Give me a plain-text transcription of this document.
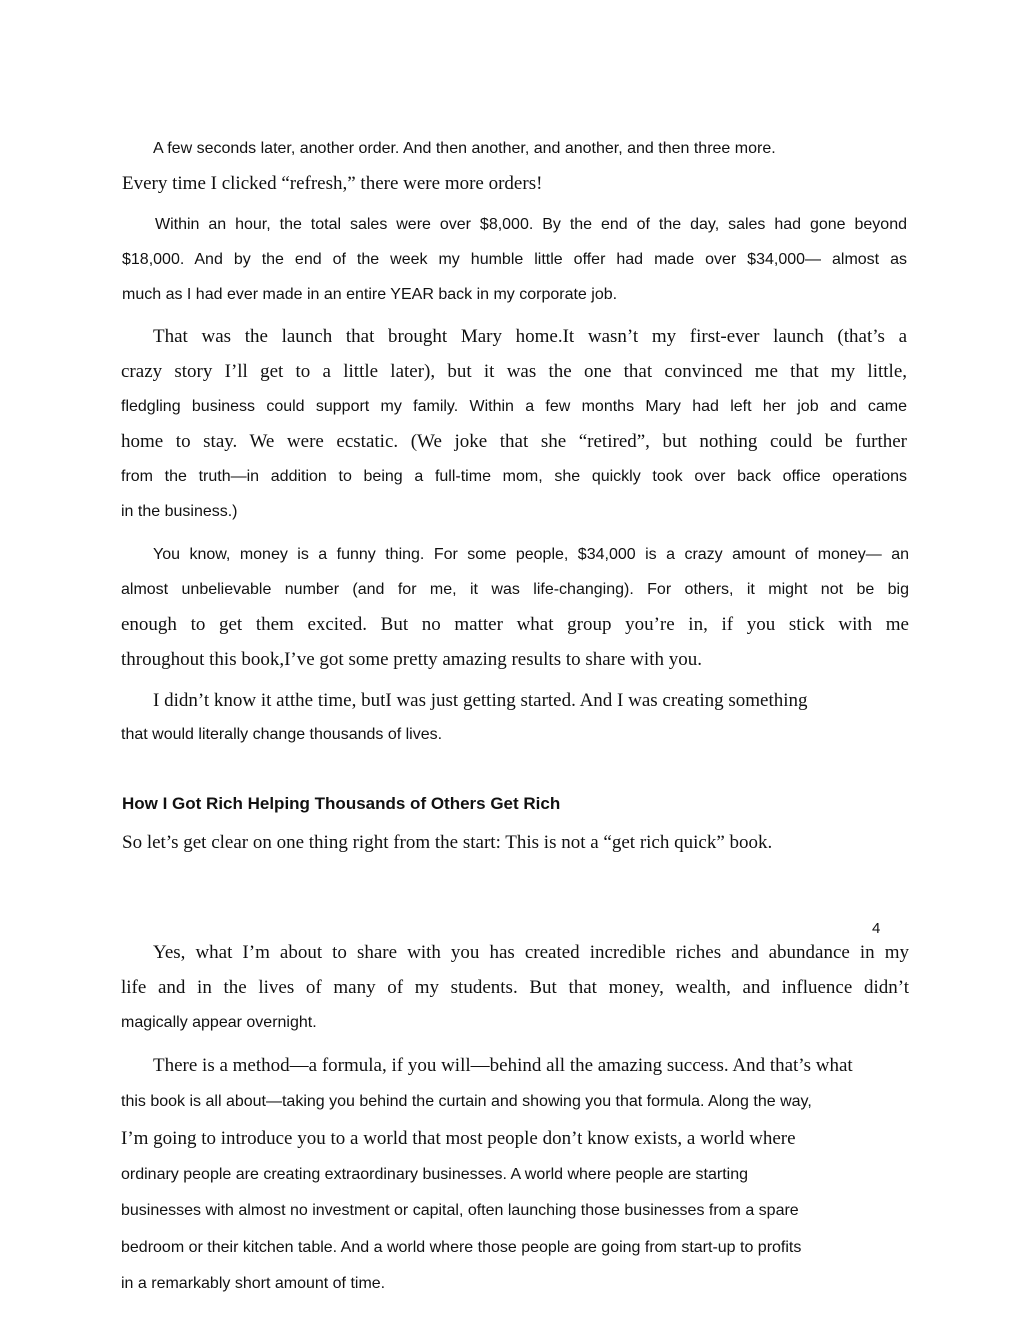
A few seconds later, another order. And then another, and another, and then three more.
Every time I clicked “refresh,” there were more orders!
Within an hour, the total sales were over $8,000. By the end of the day, sales had gone beyond
$18,000. And by the end of the week my humble little offer had made over $34,000— almost as
much as I had ever made in an entire YEAR back in my corporate job.
That was the launch that brought Mary home.It wasn’t my first-ever launch (that’s a
crazy story I’ll get to a little later), but it was the one that convinced me that my little,
fledgling business could support my family. Within a few months Mary had left her job and came
home to stay. We were ecstatic. (We joke that she “retired”, but nothing could be further
from the truth—in addition to being a full-time mom, she quickly took over back office operations
in the business.)
You know, money is a funny thing. For some people, $34,000 is a crazy amount of money— an
almost unbelievable number (and for me, it was life-changing). For others, it might not be big
enough to get them excited. But no matter what group you’re in, if you stick with me
throughout this book,I’ve got some pretty amazing results to share with you.
I didn’t know it atthe time, butI was just getting started. And I was creating something
that would literally change thousands of lives.
How I Got Rich Helping Thousands of Others Get Rich
So let’s get clear on one thing right from the start: This is not a “get rich quick” book.
4
Yes, what I’m about to share with you has created incredible riches and abundance in my
life and in the lives of many of my students. But that money, wealth, and influence didn’t
magically appear overnight.
There is a method—a formula, if you will—behind all the amazing success. And that’s what
this book is all about—taking you behind the curtain and showing you that formula. Along the way,
I’m going to introduce you to a world that most people don’t know exists, a world where
ordinary people are creating extraordinary businesses. A world where people are starting
businesses with almost no investment or capital, often launching those businesses from a spare
bedroom or their kitchen table. And a world where those people are going from start-up to profits
in a remarkably short amount of time.
